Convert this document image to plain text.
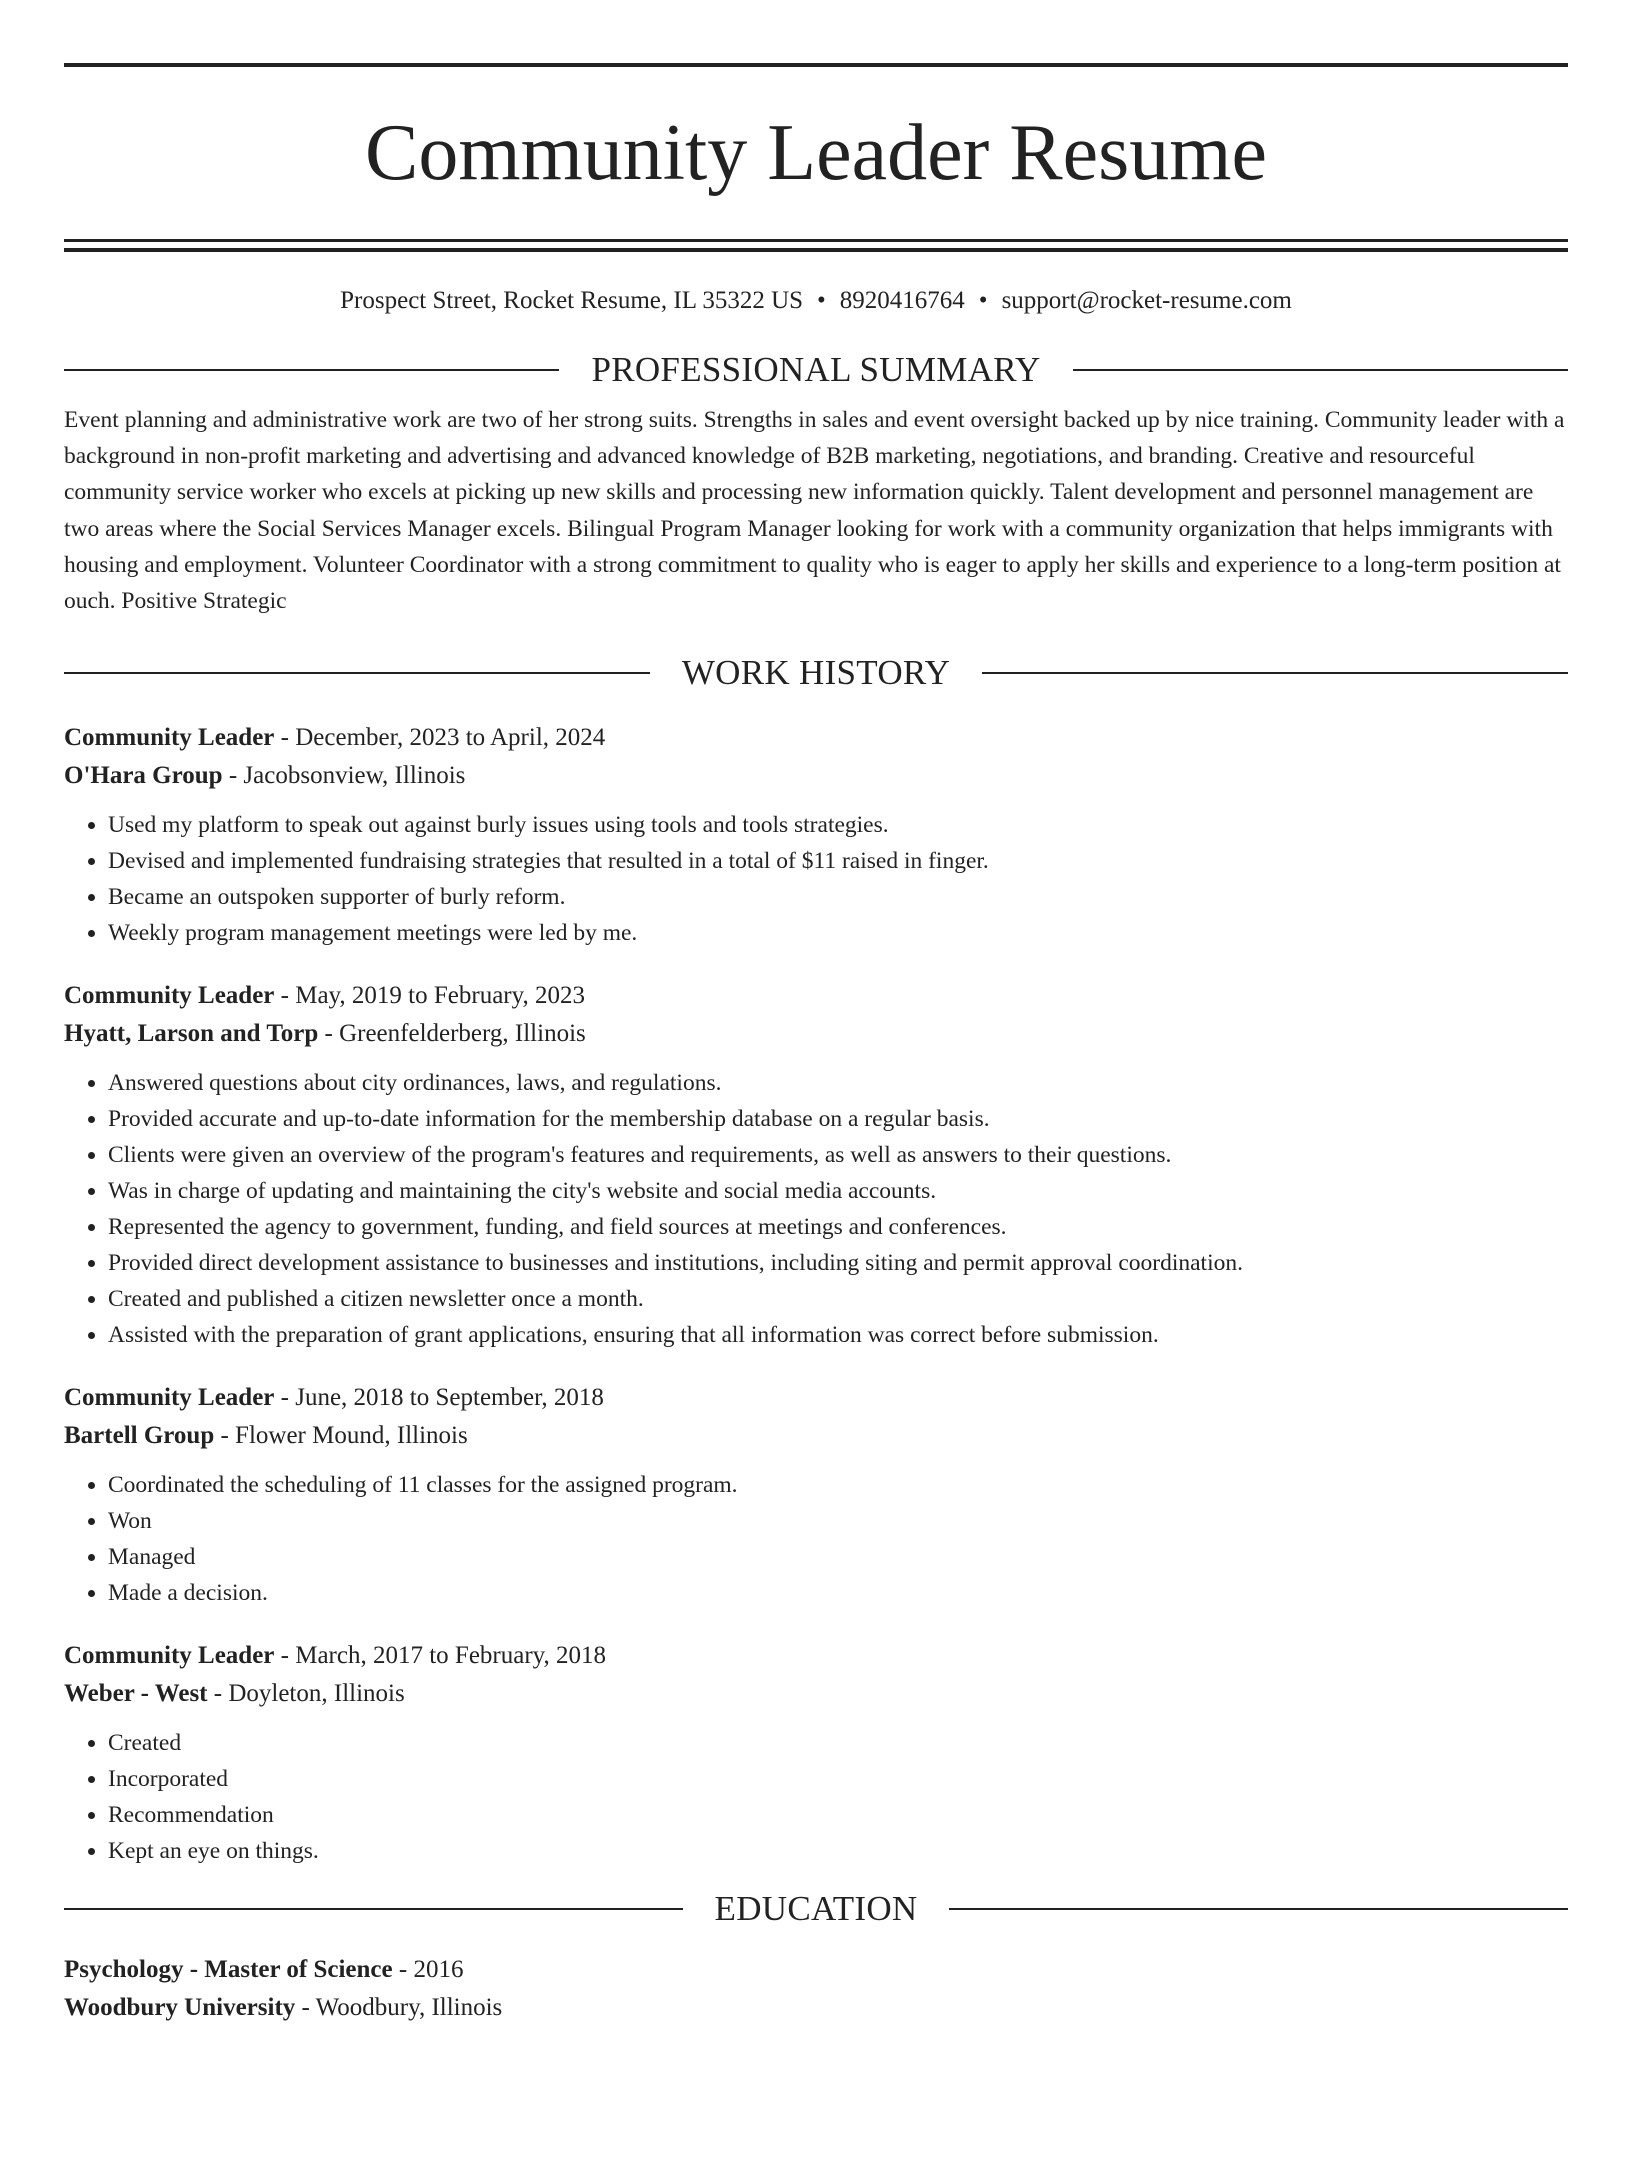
Community Leader Resume
Prospect Street, Rocket Resume, IL 35322 US • 8920416764 • support@rocket-resume.com
PROFESSIONAL SUMMARY
Event planning and administrative work are two of her strong suits. Strengths in sales and event oversight backed up by nice training. Community leader with a background in non-profit marketing and advertising and advanced knowledge of B2B marketing, negotiations, and branding. Creative and resourceful community service worker who excels at picking up new skills and processing new information quickly. Talent development and personnel management are two areas where the Social Services Manager excels. Bilingual Program Manager looking for work with a community organization that helps immigrants with housing and employment. Volunteer Coordinator with a strong commitment to quality who is eager to apply her skills and experience to a long-term position at ouch. Positive Strategic
WORK HISTORY
Community Leader - December, 2023 to April, 2024
O'Hara Group - Jacobsonview, Illinois
• Used my platform to speak out against burly issues using tools and tools strategies.
• Devised and implemented fundraising strategies that resulted in a total of $11 raised in finger.
• Became an outspoken supporter of burly reform.
• Weekly program management meetings were led by me.
Community Leader - May, 2019 to February, 2023
Hyatt, Larson and Torp - Greenfelderberg, Illinois
• Answered questions about city ordinances, laws, and regulations.
• Provided accurate and up-to-date information for the membership database on a regular basis.
• Clients were given an overview of the program's features and requirements, as well as answers to their questions.
• Was in charge of updating and maintaining the city's website and social media accounts.
• Represented the agency to government, funding, and field sources at meetings and conferences.
• Provided direct development assistance to businesses and institutions, including siting and permit approval coordination.
• Created and published a citizen newsletter once a month.
• Assisted with the preparation of grant applications, ensuring that all information was correct before submission.
Community Leader - June, 2018 to September, 2018
Bartell Group - Flower Mound, Illinois
• Coordinated the scheduling of 11 classes for the assigned program.
• Won
• Managed
• Made a decision.
Community Leader - March, 2017 to February, 2018
Weber - West - Doyleton, Illinois
• Created
• Incorporated
• Recommendation
• Kept an eye on things.
EDUCATION
Psychology - Master of Science - 2016
Woodbury University - Woodbury, Illinois
